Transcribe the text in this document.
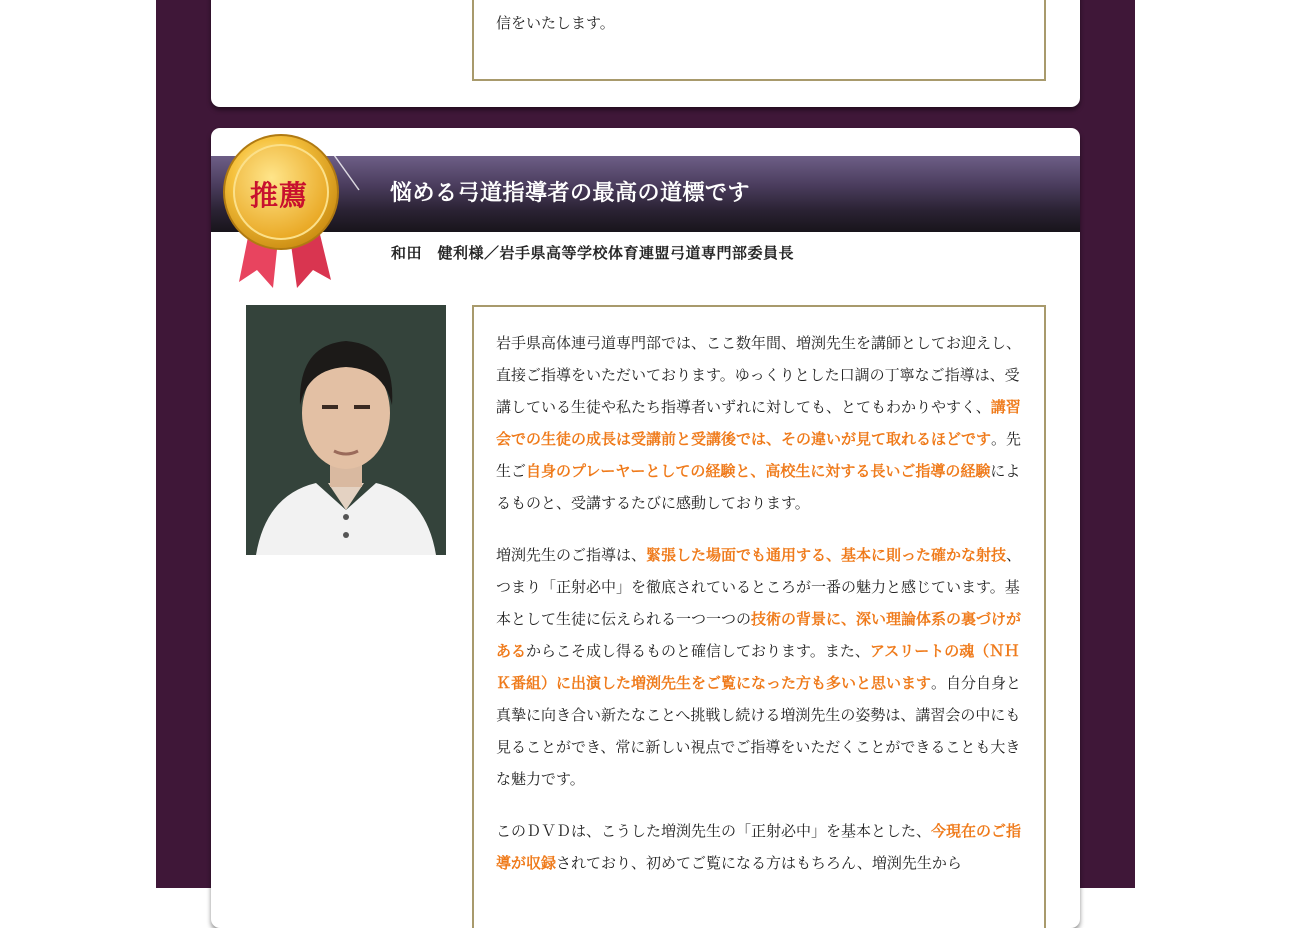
信をいたします。

悩める弓道指導者の最高の道標です
和田　健利様／岩手県高等学校体育連盟弓道専門部委員長
推薦

岩手県高体連弓道専門部では、ここ数年間、増渕先生を講師としてお迎えし、直接ご指導をいただいております。ゆっくりとした口調の丁寧なご指導は、受講している生徒や私たち指導者いずれに対しても、とてもわかりやすく、講習会での生徒の成長は受講前と受講後では、その違いが見て取れるほどです。先生ご自身のプレーヤーとしての経験と、高校生に対する長いご指導の経験によるものと、受講するたびに感動しております。

増渕先生のご指導は、緊張した場面でも通用する、基本に則った確かな射技、つまり「正射必中」を徹底されているところが一番の魅力と感じています。基本として生徒に伝えられる一つ一つの技術の背景に、深い理論体系の裏づけがあるからこそ成し得るものと確信しております。また、アスリートの魂（ＮＨＫ番組）に出演した増渕先生をご覧になった方も多いと思います。自分自身と真摯に向き合い新たなことへ挑戦し続ける増渕先生の姿勢は、講習会の中にも見ることができ、常に新しい視点でご指導をいただくことができることも大きな魅力です。

このＤＶＤは、こうした増渕先生の「正射必中」を基本とした、今現在のご指導が収録されており、初めてご覧になる方はもちろん、増渕先生から
